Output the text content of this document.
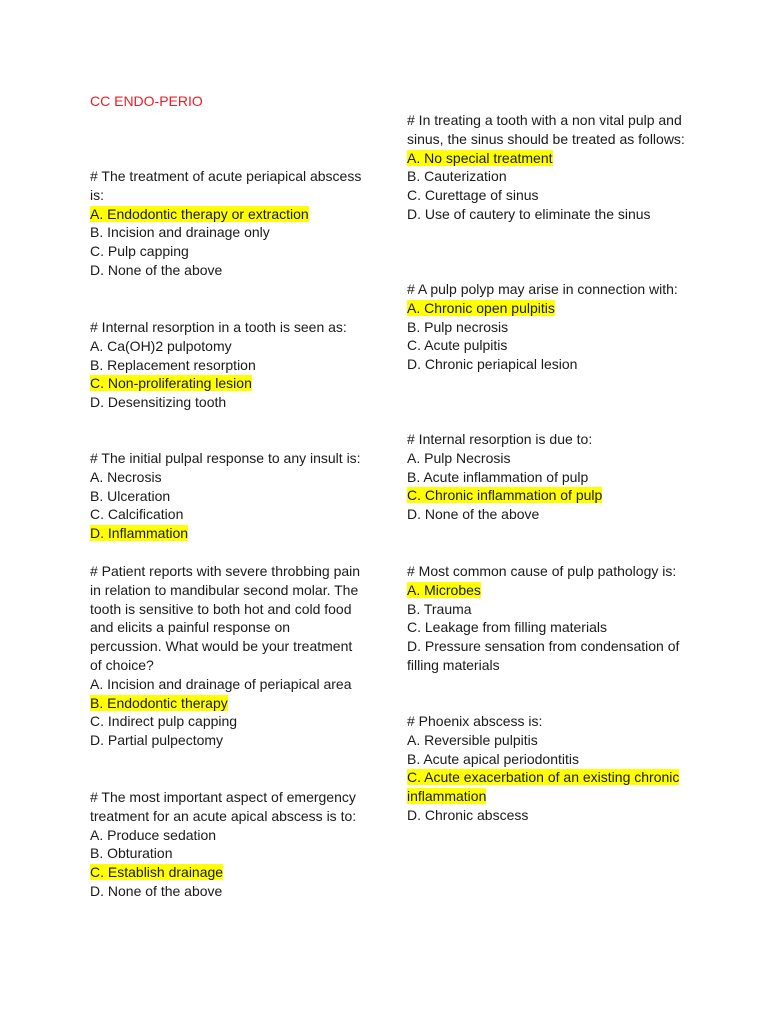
CC ENDO-PERIO

# The treatment of acute periapical abscess is:

A. Endodontic therapy or extraction
B. Incision and drainage only
C. Pulp capping
D. None of the above

# Internal resorption in a tooth is seen as:

A. Ca(OH)2 pulpotomy
B. Replacement resorption
C. Non-proliferating lesion
D. Desensitizing tooth

# The initial pulpal response to any insult is:

A. Necrosis
B. Ulceration
C. Calcification
D. Inflammation

# Patient reports with severe throbbing pain in relation to mandibular second molar. The tooth is sensitive to both hot and cold food and elicits a painful response on percussion. What would be your treatment of choice?

A. Incision and drainage of periapical area
B. Endodontic therapy
C. Indirect pulp capping
D. Partial pulpectomy

# The most important aspect of emergency treatment for an acute apical abscess is to:

A. Produce sedation
B. Obturation
C. Establish drainage
D. None of the above

# In treating a tooth with a non vital pulp and sinus, the sinus should be treated as follows:

A. No special treatment
B. Cauterization
C. Curettage of sinus
D. Use of cautery to eliminate the sinus

# A pulp polyp may arise in connection with:

A. Chronic open pulpitis
B. Pulp necrosis
C. Acute pulpitis
D. Chronic periapical lesion

# Internal resorption is due to:

A. Pulp Necrosis
B. Acute inflammation of pulp
C. Chronic inflammation of pulp
D. None of the above

# Most common cause of pulp pathology is:

A. Microbes
B. Trauma
C. Leakage from filling materials
D. Pressure sensation from condensation of filling materials

# Phoenix abscess is:

A. Reversible pulpitis
B. Acute apical periodontitis
C. Acute exacerbation of an existing chronic inflammation
D. Chronic abscess
